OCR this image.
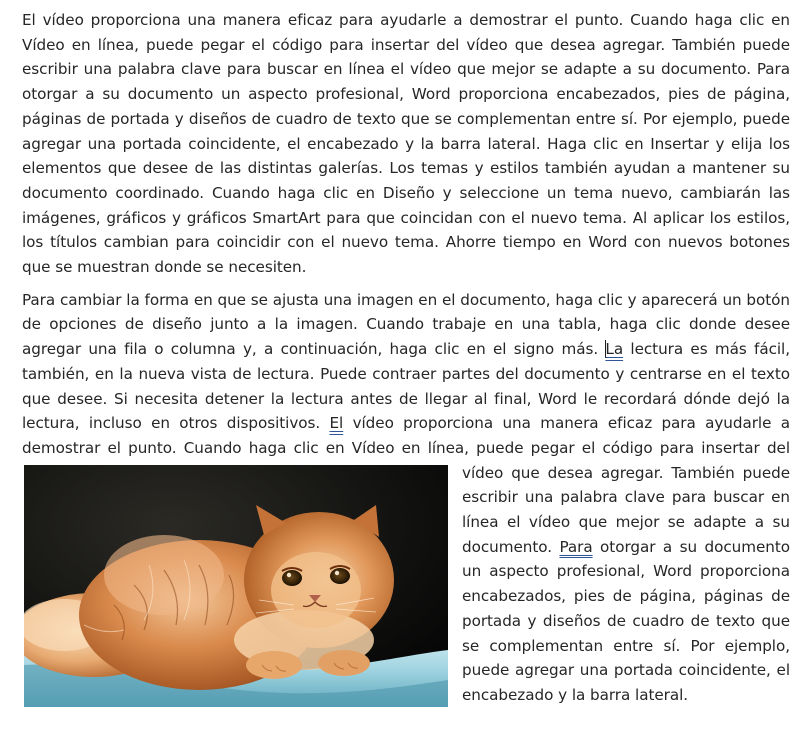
El vídeo proporciona una manera eficaz para ayudarle a demostrar el punto. Cuando haga clic en Vídeo en línea, puede pegar el código para insertar del vídeo que desea agregar. También puede escribir una palabra clave para buscar en línea el vídeo que mejor se adapte a su documento. Para otorgar a su documento un aspecto profesional, Word proporciona encabezados, pies de página, páginas de portada y diseños de cuadro de texto que se complementan entre sí. Por ejemplo, puede agregar una portada coincidente, el encabezado y la barra lateral. Haga clic en Insertar y elija los elementos que desee de las distintas galerías. Los temas y estilos también ayudan a mantener su documento coordinado. Cuando haga clic en Diseño y seleccione un tema nuevo, cambiarán las imágenes, gráficos y gráficos SmartArt para que coincidan con el nuevo tema. Al aplicar los estilos, los títulos cambian para coincidir con el nuevo tema. Ahorre tiempo en Word con nuevos botones que se muestran donde se necesiten.

Para cambiar la forma en que se ajusta una imagen en el documento, haga clic y aparecerá un botón de opciones de diseño junto a la imagen. Cuando trabaje en una tabla, haga clic donde desee agregar una fila o columna y, a continuación, haga clic en el signo más. La lectura es más fácil, también, en la nueva vista de lectura. Puede contraer partes del documento y centrarse en el texto que desee. Si necesita detener la lectura antes de llegar al final, Word le recordará dónde dejó la lectura, incluso en otros dispositivos. El vídeo proporciona una manera eficaz para ayudarle a demostrar el punto. Cuando haga clic en Vídeo en línea, puede pegar el código para insertar del vídeo que desea agregar.
También puede escribir una palabra clave para buscar en línea el vídeo que mejor se adapte a su documento. Para otorgar a su documento un aspecto profesional, Word proporciona encabezados, pies de página, páginas de portada y diseños de cuadro de texto que se complementan entre sí. Por ejemplo, puede agregar una portada coincidente, el encabezado y la barra lateral.
